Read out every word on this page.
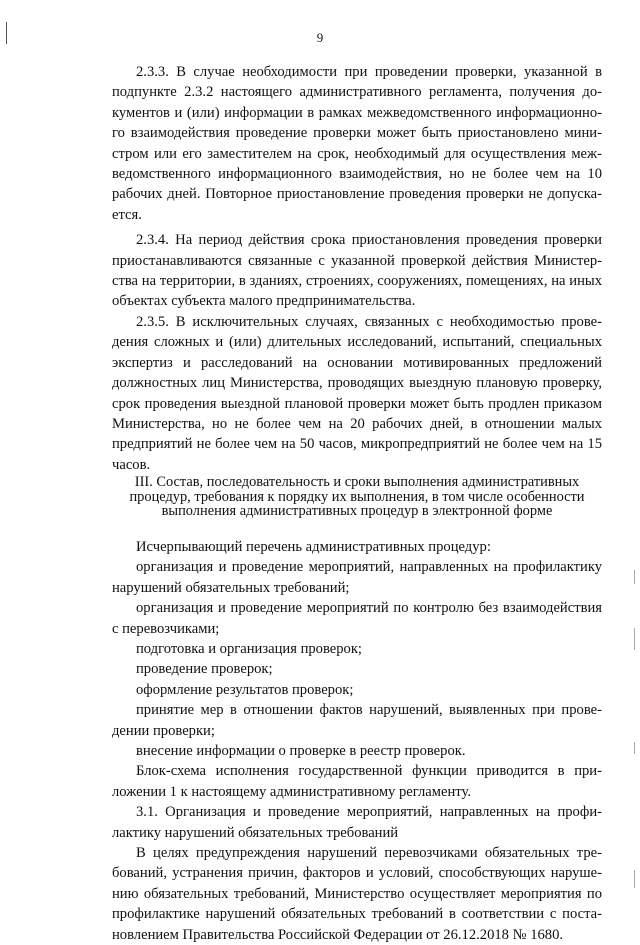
9

2.3.3. В случае необходимости при проведении проверки, указанной в подпункте 2.3.2 настоящего административного регламента, получения документов и (или) информации в рамках межведомственного информационного взаимодействия проведение проверки может быть приостановлено министром или его заместителем на срок, необходимый для осуществления межведомственного информационного взаимодействия, но не более чем на 10 рабочих дней. Повторное приостановление проведения проверки не допускается.

2.3.4. На период действия срока приостановления проведения проверки приостанавливаются связанные с указанной проверкой действия Министерства на территории, в зданиях, строениях, сооружениях, помещениях, на иных объектах субъекта малого предпринимательства.

2.3.5. В исключительных случаях, связанных с необходимостью проведения сложных и (или) длительных исследований, испытаний, специальных экспертиз и расследований на основании мотивированных предложений должностных лиц Министерства, проводящих выездную плановую проверку, срок проведения выездной плановой проверки может быть продлен приказом Министерства, но не более чем на 20 рабочих дней, в отношении малых предприятий не более чем на 50 часов, микропредприятий не более чем на 15 часов.

III. Состав, последовательность и сроки выполнения административных
процедур, требования к порядку их выполнения, в том числе особенности
выполнения административных процедур в электронной форме

Исчерпывающий перечень административных процедур:

организация и проведение мероприятий, направленных на профилактику нарушений обязательных требований;

организация и проведение мероприятий по контролю без взаимодействия с перевозчиками;

подготовка и организация проверок;

проведение проверок;

оформление результатов проверок;

принятие мер в отношении фактов нарушений, выявленных при проведении проверки;

внесение информации о проверке в реестр проверок.

Блок-схема исполнения государственной функции приводится в приложении 1 к настоящему административному регламенту.

3.1. Организация и проведение мероприятий, направленных на профилактику нарушений обязательных требований

В целях предупреждения нарушений перевозчиками обязательных требований, устранения причин, факторов и условий, способствующих нарушению обязательных требований, Министерство осуществляет мероприятия по профилактике нарушений обязательных требований в соответствии с постановлением Правительства Российской Федерации от 26.12.2018 № 1680.
